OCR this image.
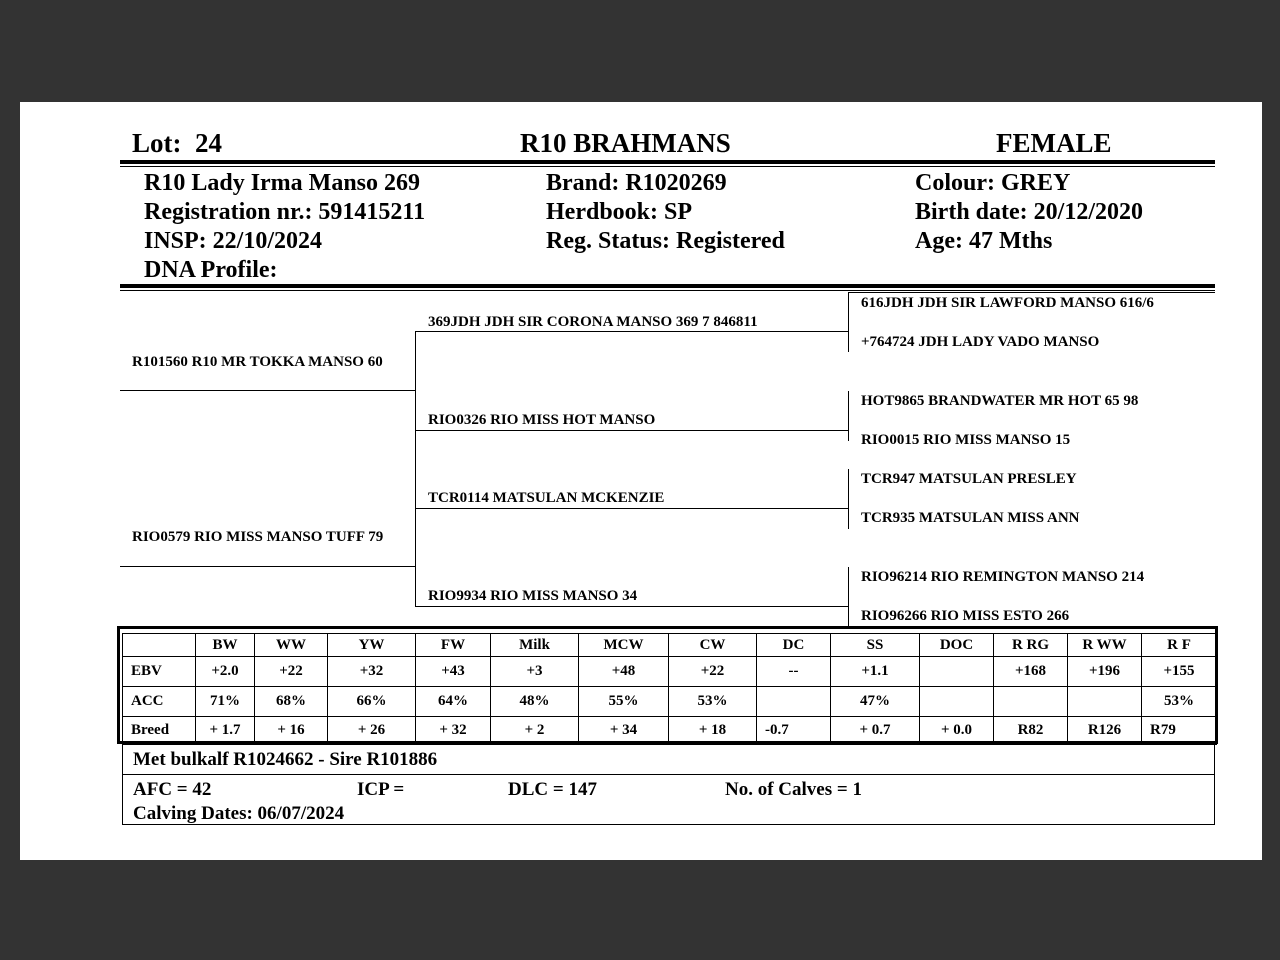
Lot: 24	R10 BRAHMANS	FEMALE
R10 Lady Irma Manso 269
Registration nr.: 591415211
INSP: 22/10/2024
DNA Profile:
Brand: R1020269
Herdbook: SP
Reg. Status: Registered
Colour: GREY
Birth date: 20/12/2020
Age: 47 Mths
R101560 R10 MR TOKKA MANSO 60
RIO0579 RIO MISS MANSO TUFF 79
369JDH JDH SIR CORONA MANSO 369 7 846811
RIO0326 RIO MISS HOT MANSO
TCR0114 MATSULAN MCKENZIE
RIO9934 RIO MISS MANSO 34
616JDH JDH SIR LAWFORD MANSO 616/6
+764724 JDH LADY VADO MANSO
HOT9865 BRANDWATER MR HOT 65 98
RIO0015 RIO MISS MANSO 15
TCR947 MATSULAN PRESLEY
TCR935 MATSULAN MISS ANN
RIO96214 RIO REMINGTON MANSO 214
RIO96266 RIO MISS ESTO 266
	BW	WW	YW	FW	Milk	MCW	CW	DC	SS	DOC	R RG	R WW	R F
EBV	+2.0	+22	+32	+43	+3	+48	+22	--	+1.1		+168	+196	+155
ACC	71%	68%	66%	64%	48%	55%	53%		47%				53%
Breed	+ 1.7	+ 16	+ 26	+ 32	+ 2	+ 34	+ 18	-0.7	+ 0.7	+ 0.0	R82	R126	R79
Met bulkalf R1024662 - Sire R101886
AFC = 42	ICP =	DLC = 147	No. of Calves = 1
Calving Dates: 06/07/2024
